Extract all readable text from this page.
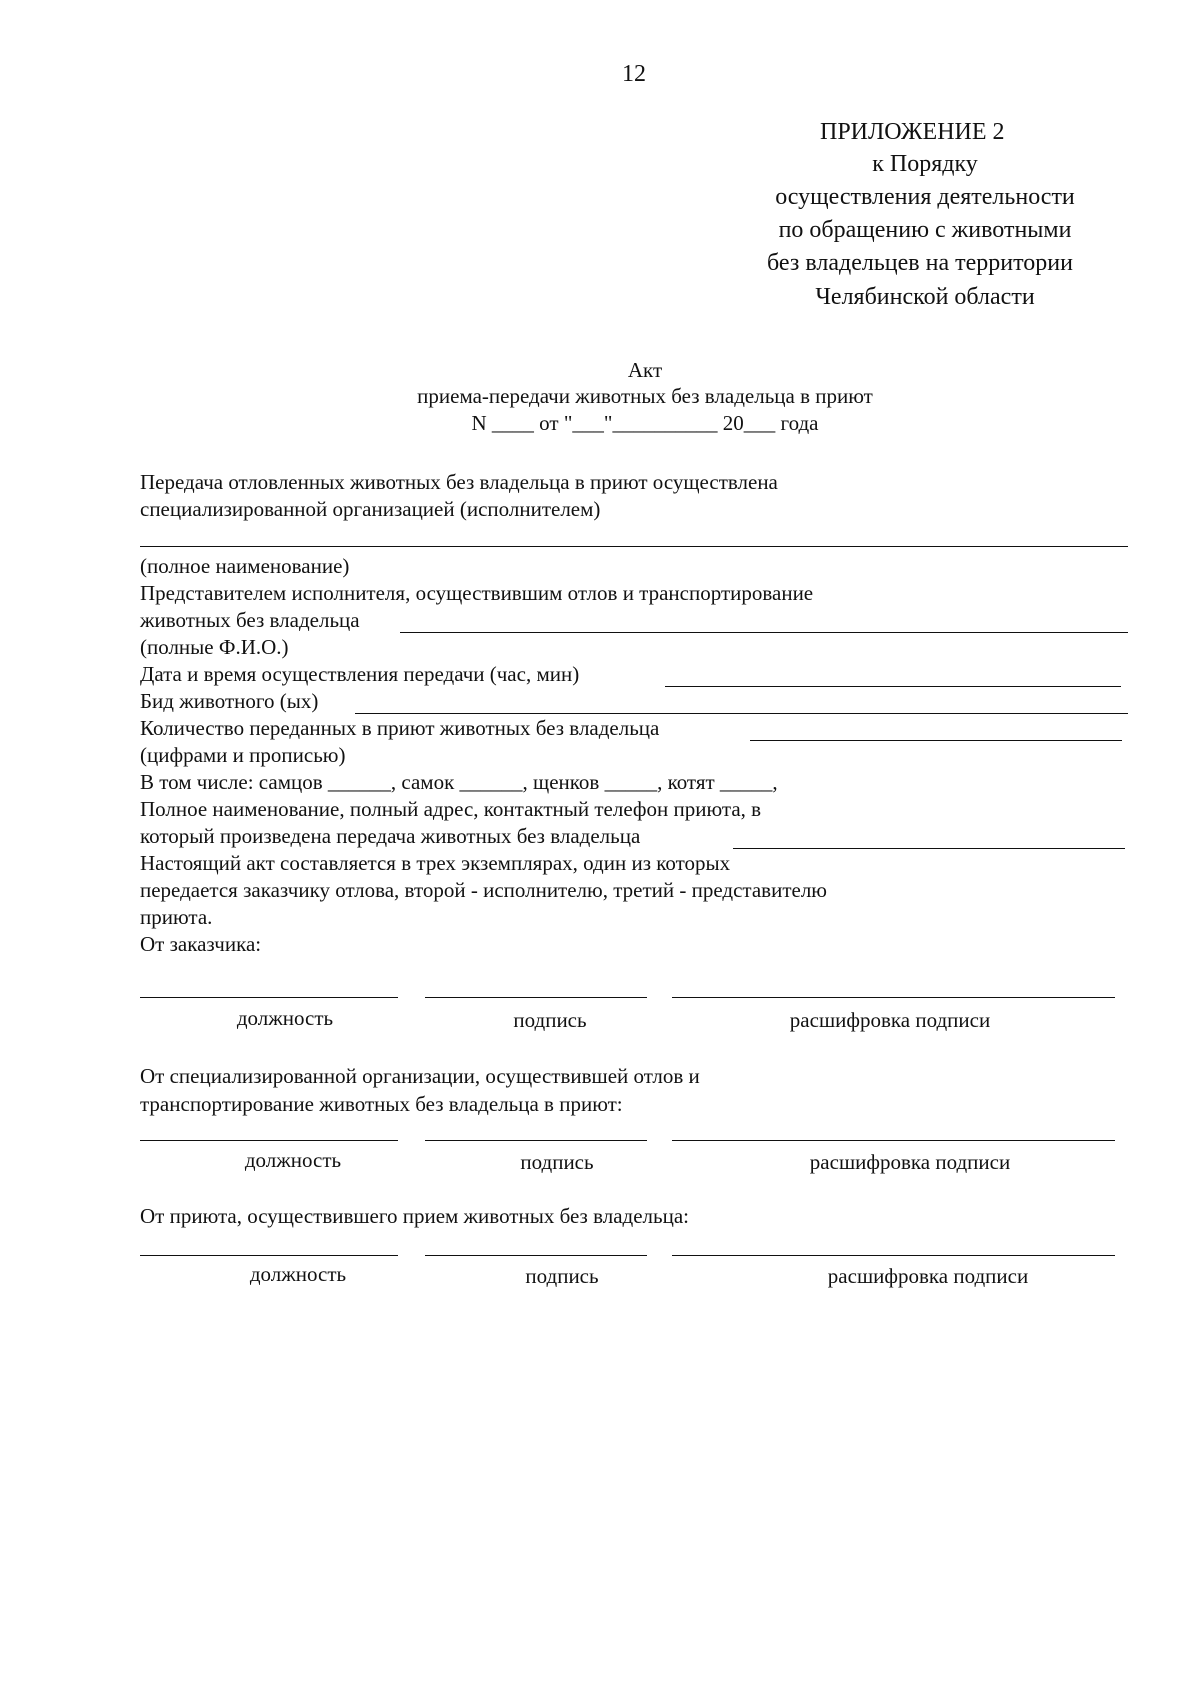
12
ПРИЛОЖЕНИЕ 2
к Порядку
осуществления деятельности
по обращению с животными
без владельцев на территории
Челябинской области
Акт
приема-передачи животных без владельца в приют
N ____ от "___"__________ 20___ года
Передача отловленных животных без владельца в приют осуществлена
специализированной организацией (исполнителем)
(полное наименование)
Представителем исполнителя, осуществившим отлов и транспортирование
животных без владельца
(полные Ф.И.О.)
Дата и время осуществления передачи (час, мин)
Бид животного (ых)
Количество переданных в приют животных без владельца
(цифрами и прописью)
В том числе: самцов ______, самок ______, щенков _____, котят _____,
Полное наименование, полный адрес, контактный телефон приюта, в
который произведена передача животных без владельца
Настоящий акт составляется в трех экземплярах, один из которых
передается заказчику отлова, второй - исполнителю, третий - представителю
приюта.
От заказчика:
должность	подпись	расшифровка подписи
От специализированной организации, осуществившей отлов и
транспортирование животных без владельца в приют:
должность	подпись	расшифровка подписи
От приюта, осуществившего прием животных без владельца:
должность	подпись	расшифровка подписи
